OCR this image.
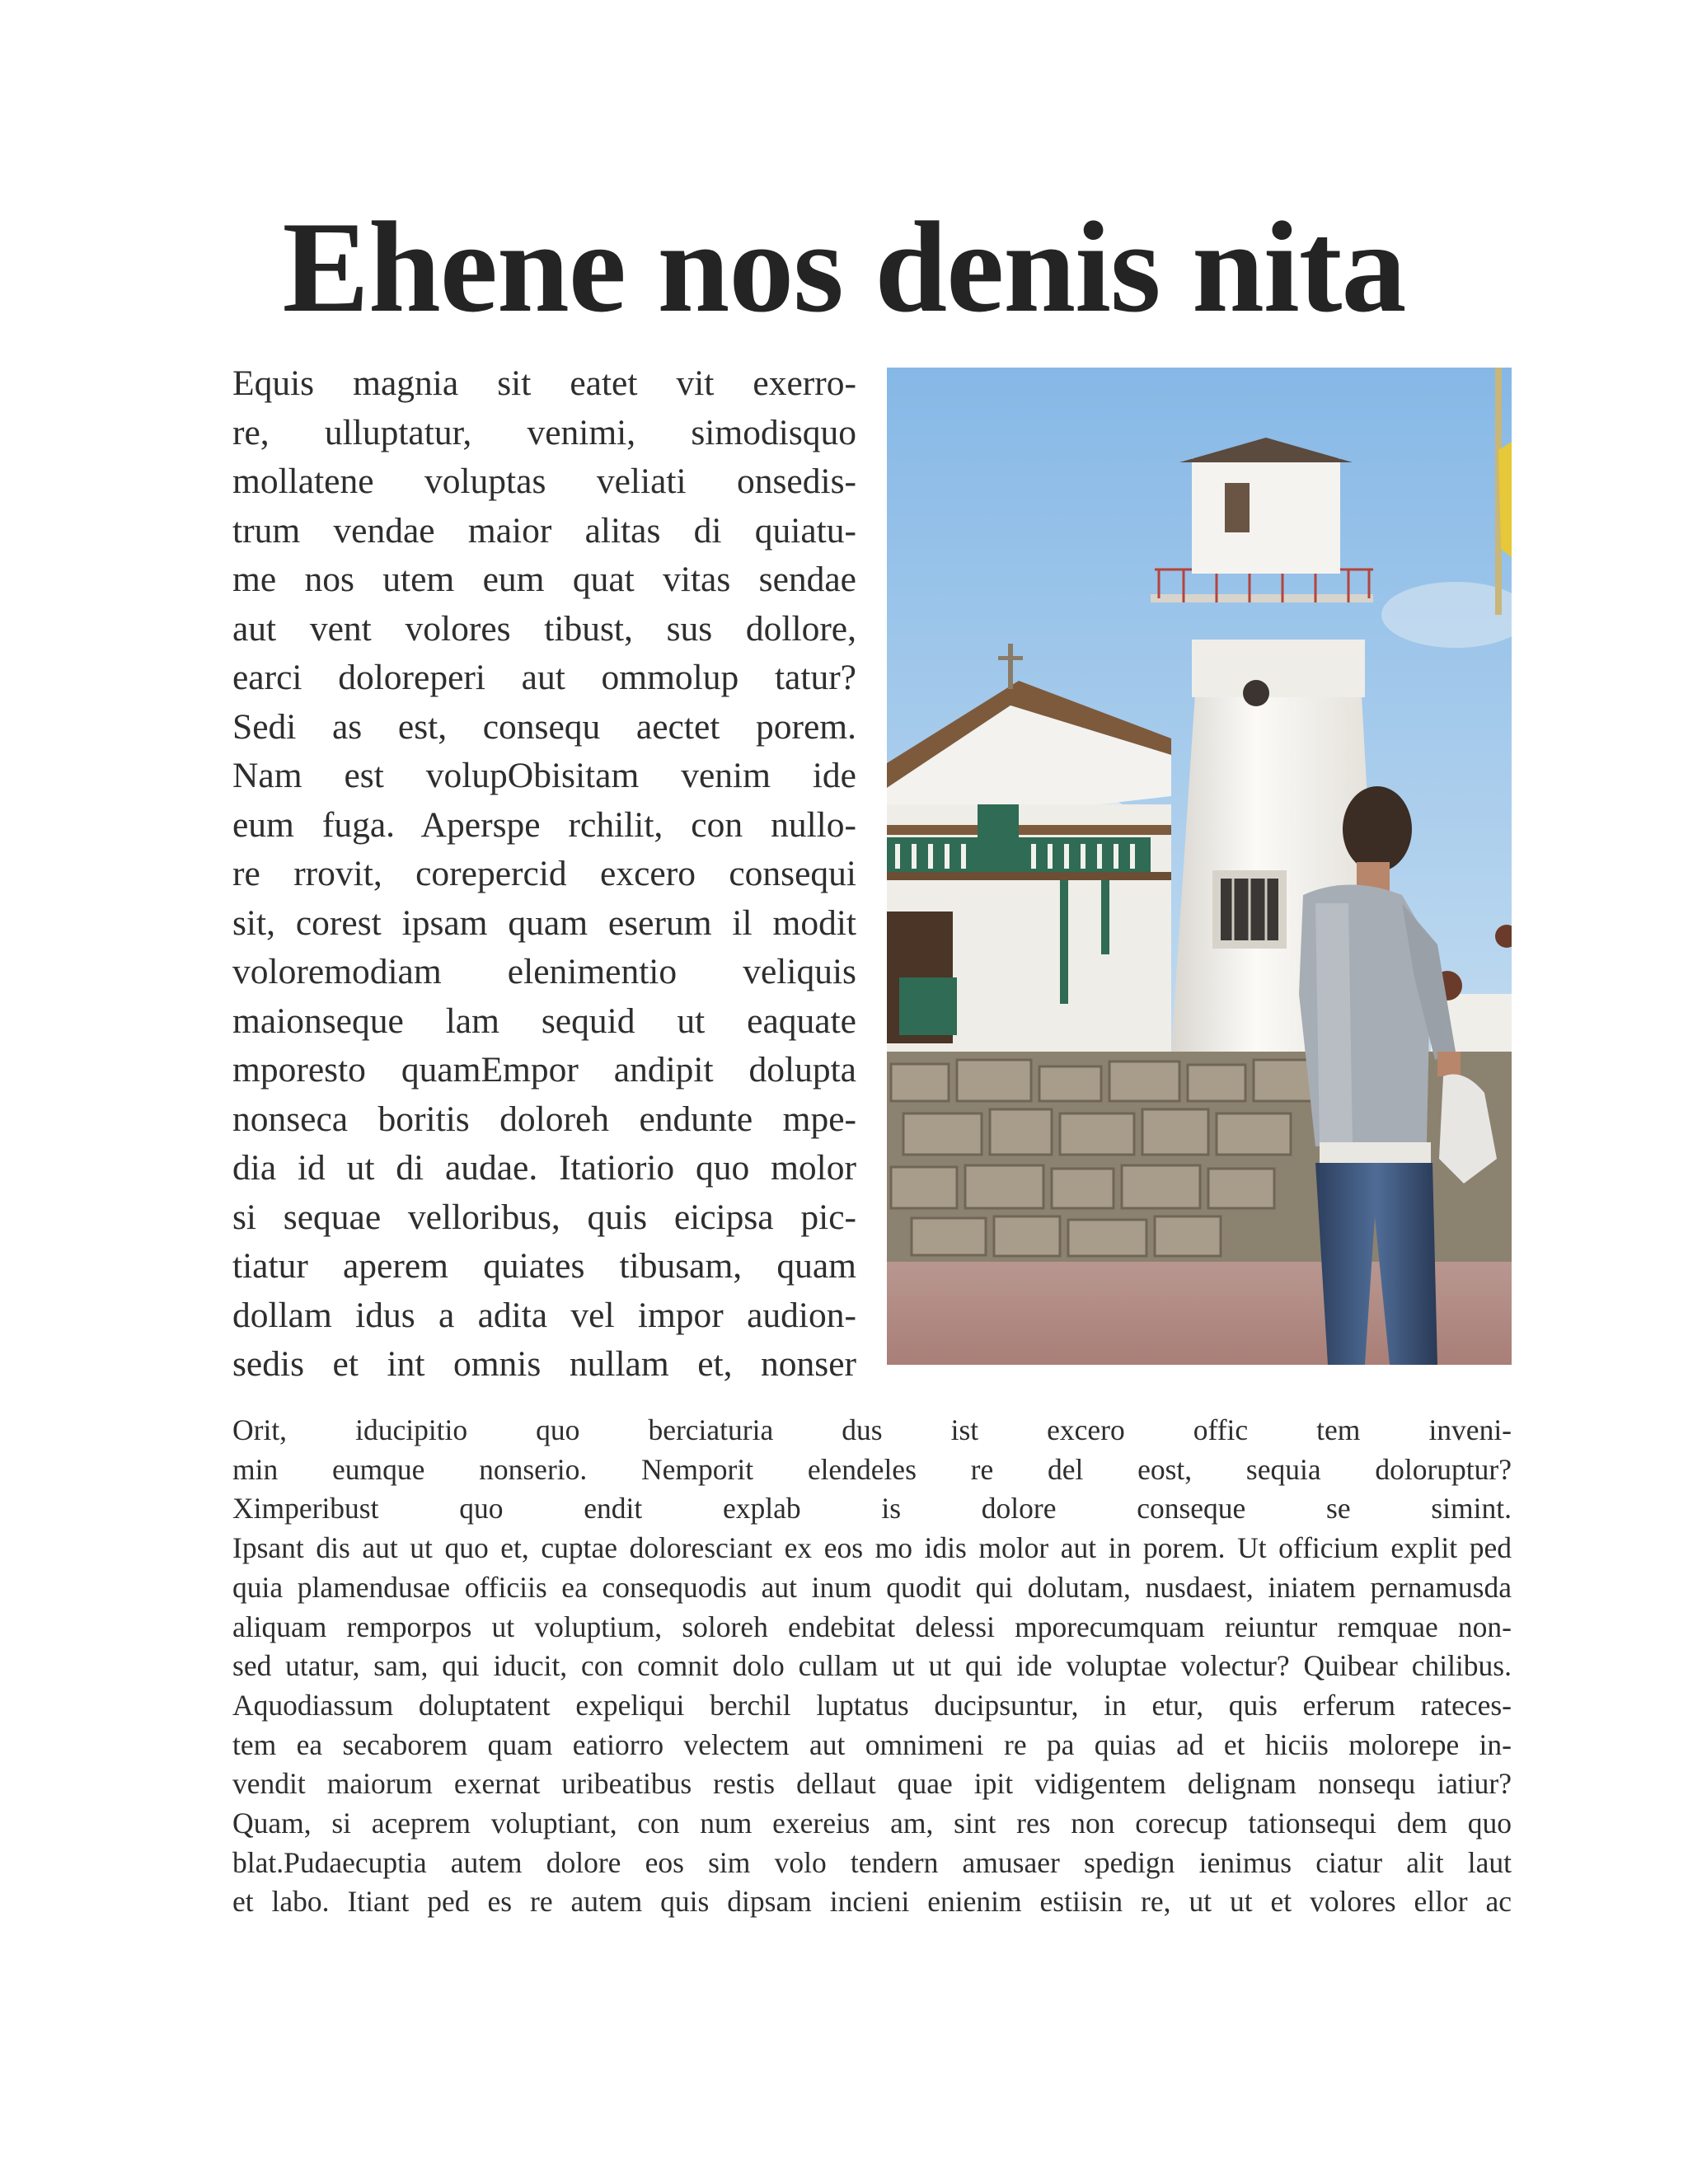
Ehene nos denis nita
Equis magnia sit eatet vit exerro-
re, ulluptatur, venimi, simodisquo
mollatene voluptas veliati onsedis-
trum vendae maior alitas di quiatu-
me nos utem eum quat vitas sendae
aut vent volores tibust, sus dollore,
earci doloreperi aut ommolup tatur?
Sedi as est, consequ aectet porem.
Nam est volupObisitam venim ide
eum fuga. Aperspe rchilit, con nullo-
re rrovit, corepercid excero consequi
sit, corest ipsam quam eserum il modit
voloremodiam elenimentio veliquis
maionseque lam sequid ut eaquate
mporesto quamEmpor andipit dolupta
nonseca boritis doloreh endunte mpe-
dia id ut di audae. Itatiorio quo molor
si sequae velloribus, quis eicipsa pic-
tiatur aperem quiates tibusam, quam
dollam idus a adita vel impor audion-
sedis et int omnis nullam et, nonser
Orit, iducipitio quo berciaturia dus ist excero offic tem inveni-
min eumque nonserio. Nemporit elendeles re del eost, sequia doloruptur?
Ximperibust quo endit explab is dolore conseque se simint.
Ipsant dis aut ut quo et, cuptae doloresciant ex eos mo idis molor aut in porem. Ut officium explit ped
quia plamendusae officiis ea consequodis aut inum quodit qui dolutam, nusdaest, iniatem pernamusda
aliquam remporpos ut voluptium, soloreh endebitat delessi mporecumquam reiuntur remquae non-
sed utatur, sam, qui iducit, con comnit dolo cullam ut ut qui ide voluptae volectur? Quibear chilibus.
Aquodiassum doluptatent expeliqui berchil luptatus ducipsuntur, in etur, quis erferum rateces-
tem ea secaborem quam eatiorro velectem aut omnimeni re pa quias ad et hiciis molorepe in-
vendit maiorum exernat uribeatibus restis dellaut quae ipit vidigentem delignam nonsequ iatiur?
Quam, si aceprem voluptiant, con num exereius am, sint res non corecup tationsequi dem quo
blat.Pudaecuptia autem dolore eos sim volo tendern amusaer spedign ienimus ciatur alit laut
et labo. Itiant ped es re autem quis dipsam incieni enienim estiisin re, ut ut et volores ellor ac
